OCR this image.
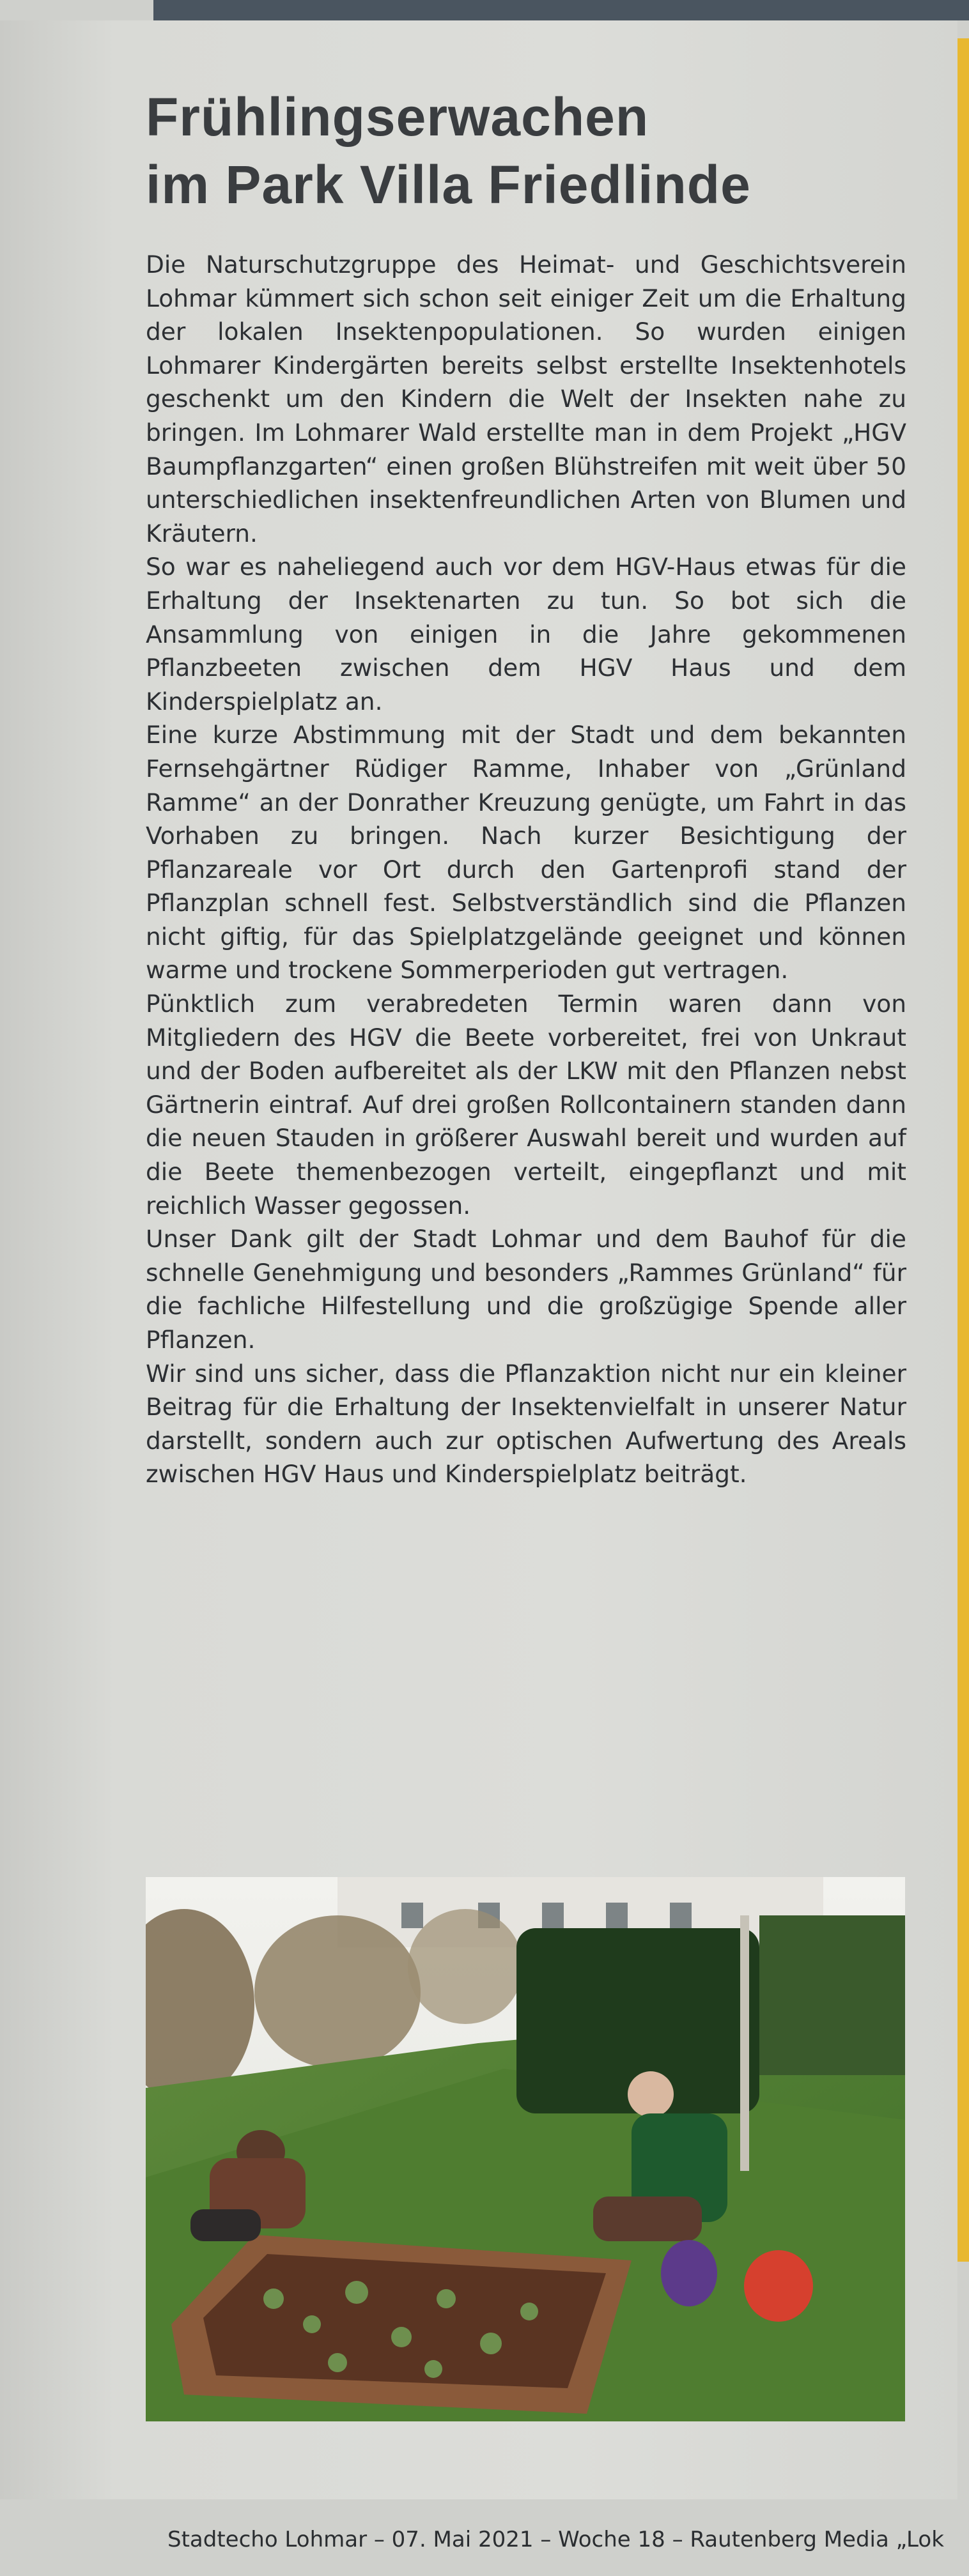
Frühlingserwachen
im Park Villa Friedlinde

Die Naturschutzgruppe des Heimat- und Geschichtsverein Lohmar kümmert sich schon seit einiger Zeit um die Erhaltung der lokalen Insektenpopulationen. So wurden einigen Lohmarer Kindergärten bereits selbst erstellte Insektenhotels geschenkt um den Kindern die Welt der Insekten nahe zu bringen. Im Lohmarer Wald erstellte man in dem Projekt „HGV Baumpflanzgarten“ einen großen Blühstreifen mit weit über 50 unterschiedlichen insektenfreundlichen Arten von Blumen und Kräutern.

So war es naheliegend auch vor dem HGV-Haus etwas für die Erhaltung der Insektenarten zu tun. So bot sich die Ansammlung von einigen in die Jahre gekommenen Pflanzbeeten zwischen dem HGV Haus und dem Kinderspielplatz an.

Eine kurze Abstimmung mit der Stadt und dem bekannten Fernsehgärtner Rüdiger Ramme, Inhaber von „Grünland Ramme“ an der Donrather Kreuzung genügte, um Fahrt in das Vorhaben zu bringen. Nach kurzer Besichtigung der Pflanzareale vor Ort durch den Gartenprofi stand der Pflanzplan schnell fest. Selbstverständlich sind die Pflanzen nicht giftig, für das Spielplatzgelände geeignet und können warme und trockene Sommerperioden gut vertragen.

Pünktlich zum verabredeten Termin waren dann von Mitgliedern des HGV die Beete vorbereitet, frei von Unkraut und der Boden aufbereitet als der LKW mit den Pflanzen nebst Gärtnerin eintraf. Auf drei großen Rollcontainern standen dann die neuen Stauden in größerer Auswahl bereit und wurden auf die Beete themenbezogen verteilt, eingepflanzt und mit reichlich Wasser gegossen.

Unser Dank gilt der Stadt Lohmar und dem Bauhof für die schnelle Genehmigung und besonders „Rammes Grünland“ für die fachliche Hilfestellung und die großzügige Spende aller Pflanzen.

Wir sind uns sicher, dass die Pflanzaktion nicht nur ein kleiner Beitrag für die Erhaltung der Insektenvielfalt in unserer Natur darstellt, sondern auch zur optischen Aufwertung des Areals zwischen HGV Haus und Kinderspielplatz beiträgt.

Stadtecho Lohmar – 07. Mai 2021 – Woche 18 – Rautenberg Media „Lok
